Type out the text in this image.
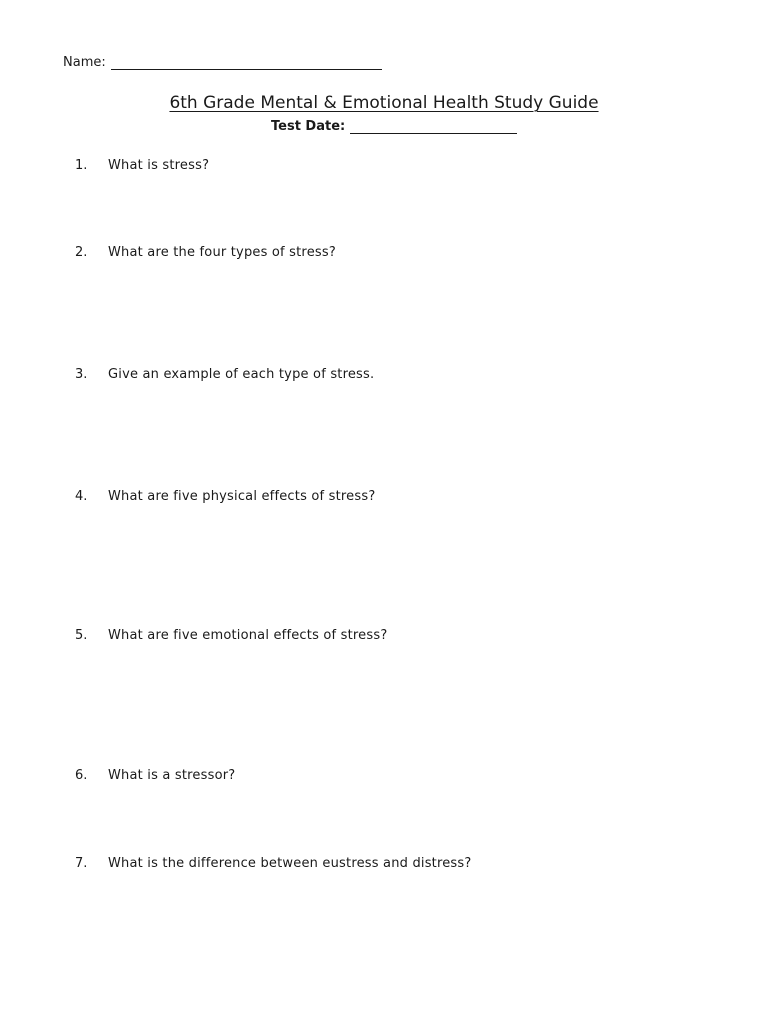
Name:
6th Grade Mental & Emotional Health Study Guide
Test Date:
1. What is stress?
2. What are the four types of stress?
3. Give an example of each type of stress.
4. What are five physical effects of stress?
5. What are five emotional effects of stress?
6. What is a stressor?
7. What is the difference between eustress and distress?
